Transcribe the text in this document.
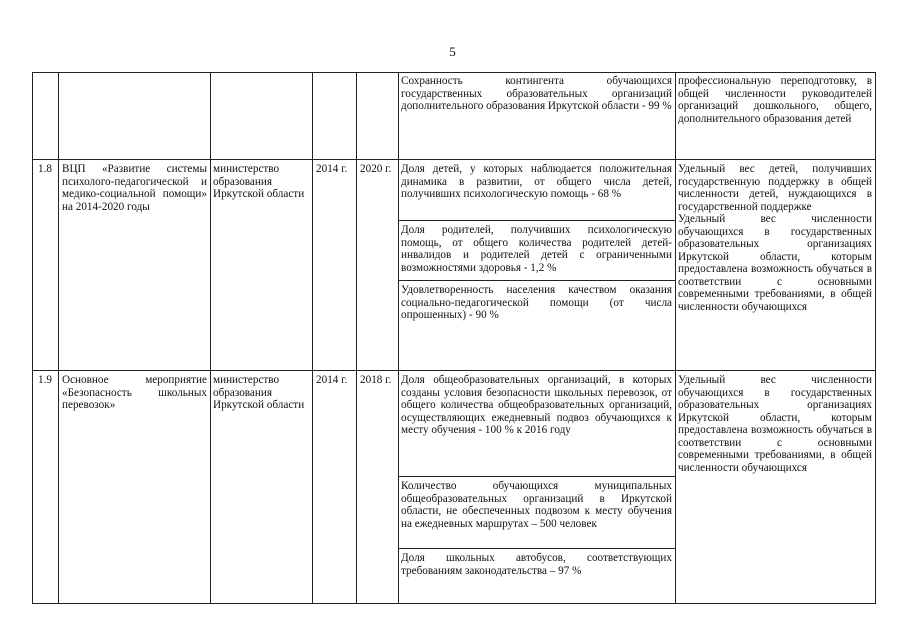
5
Сохранность контингента обучающихся государственных образовательных организаций дополнительного образования Иркутской области - 99 %
профессиональную переподготовку, в общей численности руководителей организаций дошкольного, общего, дополнительного образования детей
1.8 ВЦП «Развитие системы психолого-педагогической и медико-социальной помощи» на 2014-2020 годы
министерство образования Иркутской области
2014 г.	2020 г. Доля детей, у которых наблюдается положительная динамика в развитии, от общего числа детей, получивших психологическую помощь - 68 %
Доля родителей, получивших психологическую помощь, от общего количества родителей детей-инвалидов и родителей детей с ограниченными возможностями здоровья - 1,2 %
Удовлетворенность населения качеством оказания социально-педагогической помощи (от числа опрошенных) - 90 %
Удельный вес детей, получивших государственную поддержку в общей численности детей, нуждающихся в государственной поддержке
Удельный вес численности обучающихся в государственных образовательных организациях Иркутской области, которым предоставлена возможность обучаться в соответствии с основными современными требованиями, в общей численности обучающихся
1.9 Основное мероприятие «Безопасность школьных перевозок»
министерство образования Иркутской области
2014 г.	2018 г. Доля общеобразовательных организаций, в которых созданы условия безопасности школьных перевозок, от общего количества общеобразовательных организаций, осуществляющих ежедневный подвоз обучающихся к месту обучения - 100 % к 2016 году
Количество обучающихся муниципальных общеобразовательных организаций в Иркутской области, не обеспеченных подвозом к месту обучения на ежедневных маршрутах – 500 человек
Доля школьных автобусов, соответствующих требованиям законодательства – 97 %
Удельный вес численности обучающихся в государственных образовательных организациях Иркутской области, которым предоставлена возможность обучаться в соответствии с основными современными требованиями, в общей численности обучающихся
